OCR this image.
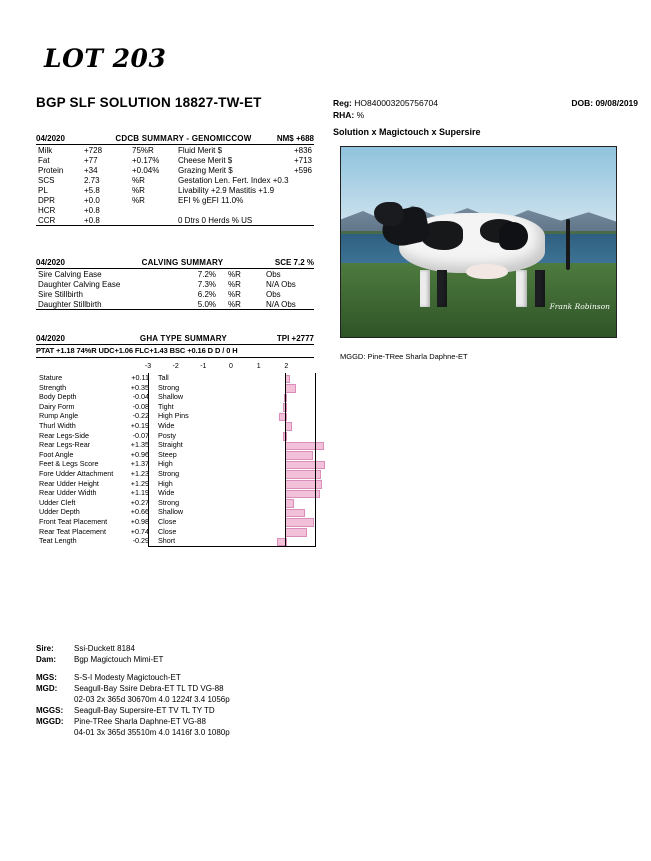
LOT 203
BGP SLF SOLUTION 18827-TW-ET	Reg: HO840003205756704	DOB: 09/08/2019
RHA: %
Solution x Magictouch x Supersire
Frank Robinson
MGGD: Pine-TRee Sharla Daphne-ET
04/2020	CDCB SUMMARY - GENOMICCOW	NM$ +688
Milk	+728	75%R	Fluid Merit $	+836
Fat	+77	+0.17%	Cheese Merit $	+713
Protein	+34	+0.04%	Grazing Merit $	+596
SCS	2.73	%R	Gestation Len. Fert. Index +0.3	
PL	+5.8	%R	Livability +2.9 Mastitis +1.9	
DPR	+0.0	%R	EFI % gEFI 11.0%	
HCR	+0.8			
CCR	+0.8		0 Dtrs 0 Herds % US	
04/2020	CALVING SUMMARY	SCE 7.2 %
Sire Calving Ease	7.2%	%R	Obs
Daughter Calving Ease	7.3%	%R	N/A Obs
Sire Stillbirth	6.2%	%R	Obs
Daughter Stillbirth	5.0%	%R	N/A Obs
04/2020	GHA TYPE SUMMARY	TPI +2777
PTAT +1.18 74%R UDC+1.06 FLC+1.43 BSC +0.16 D D / 0 H
-3	-2	-1	0	1	2
Stature	+0.11	Tall	

Strength	+0.35	Strong	

Body Depth	-0.04	Shallow	

Dairy Form	-0.08	Tight	

Rump Angle	-0.22	High Pins	

Thurl Width	+0.19	Wide	

Rear Legs-Side	-0.07	Posty	

Rear Legs-Rear	+1.35	Straight	

Foot Angle	+0.96	Steep	

Feet & Legs Score	+1.37	High	

Fore Udder Attachment	+1.23	Strong	

Rear Udder Height	+1.29	High	

Rear Udder Width	+1.19	Wide	

Udder Cleft	+0.27	Strong	

Udder Depth	+0.66	Shallow	

Front Teat Placement	+0.98	Close	

Rear Teat Placement	+0.74	Close	

Teat Length	-0.29	Short	
Sire:	Ssi-Duckett 8184
Dam:	Bgp Magictouch Mimi-ET
MGS:	S-S-I Modesty Magictouch-ET
MGD:	Seagull-Bay Ssire Debra-ET TL TD VG-88
02-03 2x 365d 30670m 4.0 1224f 3.4 1056p
MGGS:	Seagull-Bay Supersire-ET TV TL TY TD
MGGD:	Pine-TRee Sharla Daphne-ET VG-88
04-01 3x 365d 35510m 4.0 1416f 3.0 1080p
